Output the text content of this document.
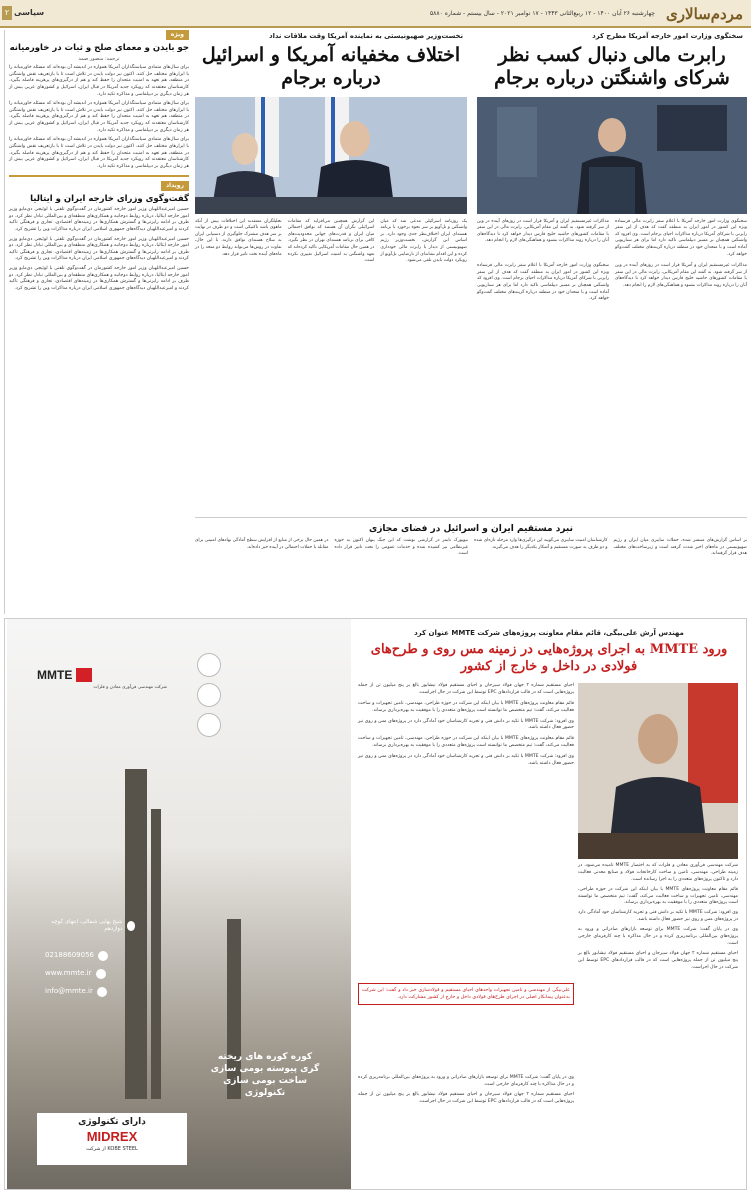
مردم‌سالاری
چهارشنبه ۲۶ آبان ۱۴۰۰ - ۱۲ ربیع‌الثانی ۱۴۴۳ - ۱۷ نوامبر ۲۰۲۱ - سال بیستم - شماره ۵۸۸۰
سیاسی
۲
ویژه
جو بایدن و معمای صلح و ثبات در خاورمیانه
ترجمه: منصور صمد
برای سال‌های متمادی سیاستگذاران آمریکا همواره در اندیشه آن بوده‌اند که مسئله خاورمیانه را با ابزارهای مختلف حل کنند. اکنون نیز دولت بایدن در تلاش است تا با بازتعریف نقش واشنگتن در منطقه، هم تعهد به امنیت متحدان را حفظ کند و هم از درگیری‌های پرهزینه فاصله بگیرد. کارشناسان معتقدند که رویکرد جدید آمریکا در قبال ایران، اسرائیل و کشورهای عربی بیش از هر زمان دیگری بر دیپلماسی و مذاکره تکیه دارد.
برای سال‌های متمادی سیاستگذاران آمریکا همواره در اندیشه آن بوده‌اند که مسئله خاورمیانه را با ابزارهای مختلف حل کنند. اکنون نیز دولت بایدن در تلاش است تا با بازتعریف نقش واشنگتن در منطقه، هم تعهد به امنیت متحدان را حفظ کند و هم از درگیری‌های پرهزینه فاصله بگیرد. کارشناسان معتقدند که رویکرد جدید آمریکا در قبال ایران، اسرائیل و کشورهای عربی بیش از هر زمان دیگری بر دیپلماسی و مذاکره تکیه دارد.
برای سال‌های متمادی سیاستگذاران آمریکا همواره در اندیشه آن بوده‌اند که مسئله خاورمیانه را با ابزارهای مختلف حل کنند. اکنون نیز دولت بایدن در تلاش است تا با بازتعریف نقش واشنگتن در منطقه، هم تعهد به امنیت متحدان را حفظ کند و هم از درگیری‌های پرهزینه فاصله بگیرد. کارشناسان معتقدند که رویکرد جدید آمریکا در قبال ایران، اسرائیل و کشورهای عربی بیش از هر زمان دیگری بر دیپلماسی و مذاکره تکیه دارد.
رویداد
گفت‌وگوی وزرای خارجه ایران و ایتالیا
حسین امیرعبداللهیان وزیر امور خارجه کشورمان در گفت‌وگوی تلفنی با لوئیجی دی‌مایو وزیر امور خارجه ایتالیا، درباره روابط دوجانبه و همکاری‌های منطقه‌ای و بین‌المللی تبادل نظر کرد. دو طرف بر ادامه رایزنی‌ها و گسترش همکاری‌ها در زمینه‌های اقتصادی، تجاری و فرهنگی تاکید کردند و امیرعبداللهیان دیدگاه‌های جمهوری اسلامی ایران درباره مذاکرات وین را تشریح کرد.
حسین امیرعبداللهیان وزیر امور خارجه کشورمان در گفت‌وگوی تلفنی با لوئیجی دی‌مایو وزیر امور خارجه ایتالیا، درباره روابط دوجانبه و همکاری‌های منطقه‌ای و بین‌المللی تبادل نظر کرد. دو طرف بر ادامه رایزنی‌ها و گسترش همکاری‌ها در زمینه‌های اقتصادی، تجاری و فرهنگی تاکید کردند و امیرعبداللهیان دیدگاه‌های جمهوری اسلامی ایران درباره مذاکرات وین را تشریح کرد.
حسین امیرعبداللهیان وزیر امور خارجه کشورمان در گفت‌وگوی تلفنی با لوئیجی دی‌مایو وزیر امور خارجه ایتالیا، درباره روابط دوجانبه و همکاری‌های منطقه‌ای و بین‌المللی تبادل نظر کرد. دو طرف بر ادامه رایزنی‌ها و گسترش همکاری‌ها در زمینه‌های اقتصادی، تجاری و فرهنگی تاکید کردند و امیرعبداللهیان دیدگاه‌های جمهوری اسلامی ایران درباره مذاکرات وین را تشریح کرد.
سخنگوی وزارت امور خارجه آمریکا مطرح کرد
رابرت مالی دنبال کسب نظر شرکای واشنگتن درباره برجام
سخنگوی وزارت امور خارجه آمریکا با اعلام سفر رابرت مالی فرستاده ویژه این کشور در امور ایران به منطقه گفت که هدف از این سفر رایزنی با شرکای آمریکا درباره مذاکرات احیای برجام است. وی افزود که واشنگتن همچنان بر مسیر دیپلماسی تاکید دارد اما برای هر سناریویی آماده است و با متحدان خود در منطقه درباره گزینه‌های مختلف گفت‌وگو خواهد کرد.
مذاکرات غیرمستقیم ایران و آمریکا قرار است در روزهای آینده در وین از سر گرفته شود. به گفته این مقام آمریکایی، رابرت مالی در این سفر با مقامات کشورهای حاشیه خلیج فارس دیدار خواهد کرد تا دیدگاه‌های آنان را درباره روند مذاکرات بشنود و هماهنگی‌های لازم را انجام دهد.
مذاکرات غیرمستقیم ایران و آمریکا قرار است در روزهای آینده در وین از سر گرفته شود. به گفته این مقام آمریکایی، رابرت مالی در این سفر با مقامات کشورهای حاشیه خلیج فارس دیدار خواهد کرد تا دیدگاه‌های آنان را درباره روند مذاکرات بشنود و هماهنگی‌های لازم را انجام دهد.
سخنگوی وزارت امور خارجه آمریکا با اعلام سفر رابرت مالی فرستاده ویژه این کشور در امور ایران به منطقه گفت که هدف از این سفر رایزنی با شرکای آمریکا درباره مذاکرات احیای برجام است. وی افزود که واشنگتن همچنان بر مسیر دیپلماسی تاکید دارد اما برای هر سناریویی آماده است و با متحدان خود در منطقه درباره گزینه‌های مختلف گفت‌وگو خواهد کرد.
نخست‌وزیر صهیونیستی به نماینده آمریکا وقت ملاقات نداد
اختلاف مخفیانه آمریکا و اسرائیل درباره برجام
یک روزنامه اسرائیلی مدعی شد که میان واشنگتن و تل‌آویو بر سر نحوه برخورد با برنامه هسته‌ای ایران اختلاف‌نظر جدی وجود دارد. بر اساس این گزارش، نخست‌وزیر رژیم صهیونیستی از دیدار با رابرت مالی خودداری کرده و این اقدام نشانه‌ای از نارضایتی تل‌آویو از رویکرد دولت بایدن تلقی می‌شود.
این گزارش همچنین می‌افزاید که مقامات اسرائیلی نگران آن هستند که توافق احتمالی میان ایران و قدرت‌های جهانی محدودیت‌های کافی برای برنامه هسته‌ای تهران در نظر نگیرد. در همین حال مقامات آمریکایی تاکید کرده‌اند که تعهد واشنگتن به امنیت اسرائیل تغییری نکرده است.
تحلیلگران معتقدند این اختلافات بیش از آنکه ماهوی باشد تاکتیکی است و دو طرف در نهایت بر سر هدف مشترک جلوگیری از دستیابی ایران به سلاح هسته‌ای توافق دارند. با این حال، تفاوت در روش‌ها می‌تواند روابط دو متحد را در ماه‌های آینده تحت تاثیر قرار دهد.
نبرد مستقیم ایران و اسرائیل در فضای مجازی
بر اساس گزارش‌های منتشر شده، حملات سایبری میان ایران و رژیم صهیونیستی در ماه‌های اخیر شدت گرفته است و زیرساخت‌های مختلف هدف قرار گرفته‌اند.
کارشناسان امنیت سایبری می‌گویند این درگیری‌ها وارد مرحله تازه‌ای شده و دو طرف به صورت مستقیم و آشکار یکدیگر را هدف می‌گیرند.
نیویورک تایمز در گزارشی نوشت که این جنگ پنهان اکنون به حوزه غیرنظامی نیز کشیده شده و خدمات عمومی را تحت تاثیر قرار داده است.
در همین حال برخی از منابع از افزایش سطح آمادگی نهادهای امنیتی برای مقابله با حملات احتمالی در آینده خبر داده‌اند.
مهندس آرش علی‌بیگی، قائم مقام معاونت پروژه‌های شرکت MMTE عنوان کرد
ورود MMTE به اجرای پروژه‌هایی در زمینه مس روی و طرح‌های فولادی در داخل و خارج از کشور

احیای مستقیم شماره ۲ جهان فولاد سیرجان و احیای مستقیم فولاد نیشابور بالغ بر پنج میلیون تن از جمله پروژه‌هایی است که در قالب قراردادهای EPC توسط این شرکت در حال اجراست.

قائم مقام معاونت پروژه‌های MMTE با بیان اینکه این شرکت در حوزه طراحی، مهندسی، تامین تجهیزات و ساخت فعالیت می‌کند، گفت: تیم متخصص ما توانسته است پروژه‌های متعددی را با موفقیت به بهره‌برداری برساند.

وی افزود: شرکت MMTE با تکیه بر دانش فنی و تجربه کارشناسان خود آمادگی دارد در پروژه‌های مس و روی نیز حضور فعال داشته باشد.

قائم مقام معاونت پروژه‌های MMTE با بیان اینکه این شرکت در حوزه طراحی، مهندسی، تامین تجهیزات و ساخت فعالیت می‌کند، گفت: تیم متخصص ما توانسته است پروژه‌های متعددی را با موفقیت به بهره‌برداری برساند.

وی افزود: شرکت MMTE با تکیه بر دانش فنی و تجربه کارشناسان خود آمادگی دارد در پروژه‌های مس و روی نیز حضور فعال داشته باشد.

علی‌بیگی از مهندسی و تامین تجهیزات واحدهای احیای مستقیم و فولادسازی خبر داد و گفت: این شرکت به‌عنوان پیمانکار اصلی در اجرای طرح‌های فولادی داخل و خارج از کشور مشارکت دارد.

وی در پایان گفت: شرکت MMTE برای توسعه بازارهای صادراتی و ورود به پروژه‌های بین‌المللی برنامه‌ریزی کرده و در حال مذاکره با چند کارفرمای خارجی است.

احیای مستقیم شماره ۲ جهان فولاد سیرجان و احیای مستقیم فولاد نیشابور بالغ بر پنج میلیون تن از جمله پروژه‌هایی است که در قالب قراردادهای EPC توسط این شرکت در حال اجراست.

شرکت مهندسی فن‌آوری معادن و فلزات که به اختصار MMTE نامیده می‌شود، در زمینه طراحی، مهندسی، تامین و ساخت کارخانجات فولاد و صنایع معدنی فعالیت دارد و تاکنون پروژه‌های متعددی را به اجرا رسانده است.

قائم مقام معاونت پروژه‌های MMTE با بیان اینکه این شرکت در حوزه طراحی، مهندسی، تامین تجهیزات و ساخت فعالیت می‌کند، گفت: تیم متخصص ما توانسته است پروژه‌های متعددی را با موفقیت به بهره‌برداری برساند.

وی افزود: شرکت MMTE با تکیه بر دانش فنی و تجربه کارشناسان خود آمادگی دارد در پروژه‌های مس و روی نیز حضور فعال داشته باشد.

وی در پایان گفت: شرکت MMTE برای توسعه بازارهای صادراتی و ورود به پروژه‌های بین‌المللی برنامه‌ریزی کرده و در حال مذاکره با چند کارفرمای خارجی است.

احیای مستقیم شماره ۲ جهان فولاد سیرجان و احیای مستقیم فولاد نیشابور بالغ بر پنج میلیون تن از جمله پروژه‌هایی است که در قالب قراردادهای EPC توسط این شرکت در حال اجراست.

MMTE
شرکت مهندسی فن‌آوری معادن و فلزات
کوره کوره های ریخته گری پیوسته بومی سازی ساخت بومی سازی تکنولوژی
02188609056
www.mmte.ir
info@mmte.ir
شیخ بهایی شمالی، انتهای کوچه دوازدهم
دارای تکنولوژی
MIDREX
KOBE STEEL از شرکت
